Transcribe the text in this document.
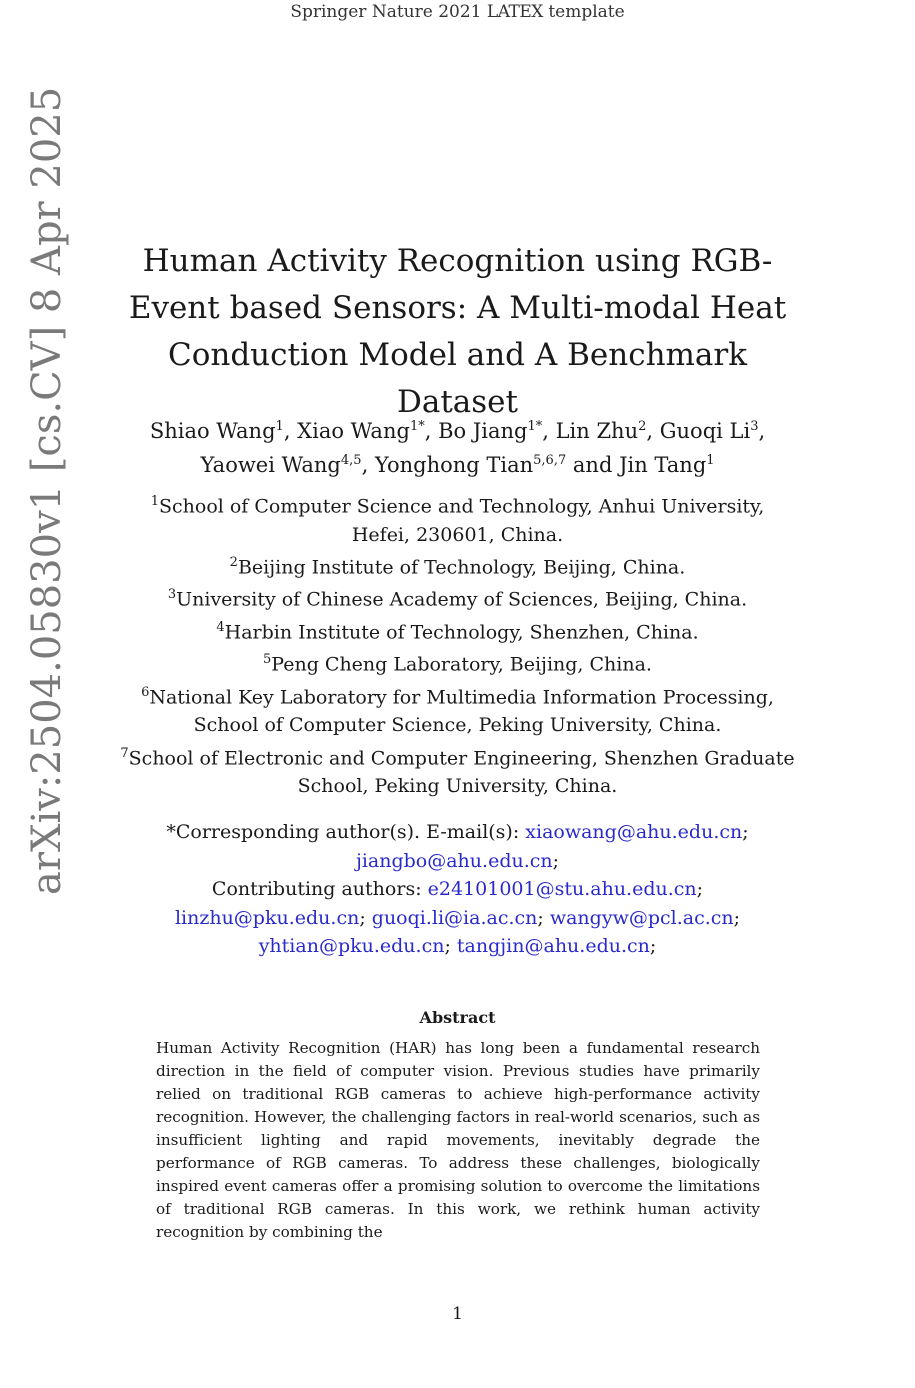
Springer Nature 2021 LATEX template
arXiv:2504.05830v1 [cs.CV] 8 Apr 2025	Human Activity Recognition using RGB-Event based Sensors: A Multi-modal Heat Conduction Model and A Benchmark Dataset
Shiao Wang$^1$, Xiao Wang$^{1*}$, Bo Jiang$^{1*}$, Lin Zhu$^2$, Guoqi Li$^3$, Yaowei Wang$^{4,5}$, Yonghong Tian$^{5,6,7}$ and Jin Tang$^1$
$^1$School of Computer Science and Technology, Anhui University, Hefei, 230601, China.
$^2$Beijing Institute of Technology, Beijing, China.
$^3$University of Chinese Academy of Sciences, Beijing, China.
$^4$Harbin Institute of Technology, Shenzhen, China.
$^5$Peng Cheng Laboratory, Beijing, China.
$^6$National Key Laboratory for Multimedia Information Processing, School of Computer Science, Peking University, China.
$^7$School of Electronic and Computer Engineering, Shenzhen Graduate School, Peking University, China.
*Corresponding author(s). E-mail(s): xiaowang@ahu.edu.cn;
jiangbo@ahu.edu.cn;
Contributing authors: e24101001@stu.ahu.edu.cn;
linzhu@pku.edu.cn; guoqi.li@ia.ac.cn; wangyw@pcl.ac.cn;
yhtian@pku.edu.cn; tangjin@ahu.edu.cn;
Abstract
Human Activity Recognition (HAR) has long been a fundamental research direction in the field of computer vision. Previous studies have primarily relied on traditional RGB cameras to achieve high-performance activity recognition. However, the challenging factors in real-world scenarios, such as insufficient lighting and rapid movements, inevitably degrade the performance of RGB cameras. To address these challenges, biologically inspired event cameras offer a promising solution to overcome the limitations of traditional RGB cameras. In this work, we rethink human activity recognition by combining the
1
